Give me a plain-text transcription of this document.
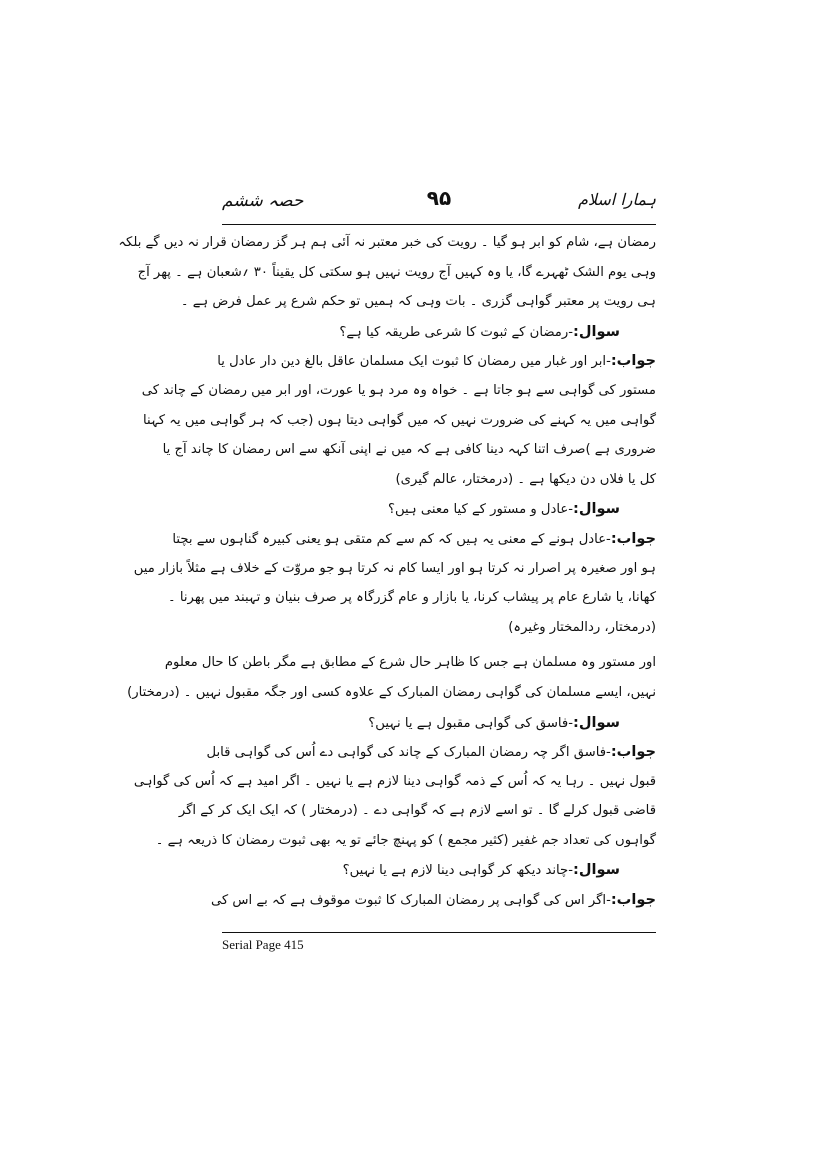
ہمارا اسلام
۹۵
حصہ ششم
رمضان ہے، شام کو ابر ہو گیا ۔ رویت کی خبر معتبر نہ آئی ہم ہر گز رمضان قرار نہ دیں گے بلکہ
وہی یوم الشک ٹھہرے گا، یا وہ کہیں آج رویت نہیں ہو سکتی کل یقیناً ۳۰ ؍شعبان ہے ۔ پھر آج
ہی رویت پر معتبر گواہی گزری ۔ بات وہی کہ ہمیں تو حکم شرع پر عمل فرض ہے ۔
سوال:-رمضان کے ثبوت کا شرعی طریقہ کیا ہے؟
جواب:-ابر اور غبار میں رمضان کا ثبوت ایک مسلمان عاقل بالغ دین دار عادل یا
مستور کی گواہی سے ہو جاتا ہے ۔ خواہ وہ مرد ہو یا عورت، اور ابر میں رمضان کے چاند کی
گواہی میں یہ کہنے کی ضرورت نہیں کہ میں گواہی دیتا ہوں (جب کہ ہر گواہی میں یہ کہنا
ضروری ہے )صرف اتنا کہہ دینا کافی ہے کہ میں نے اپنی آنکھ سے اس رمضان کا چاند آج یا
کل یا فلاں دن دیکھا ہے ۔ (درمختار، عالم گیری)
سوال:-عادل و مستور کے کیا معنی ہیں؟
جواب:-عادل ہونے کے معنی یہ ہیں کہ کم سے کم متقی ہو یعنی کبیرہ گناہوں سے بچتا
ہو اور صغیرہ پر اصرار نہ کرتا ہو اور ایسا کام نہ کرتا ہو جو مروّت کے خلاف ہے مثلاً بازار میں
کھانا، یا شارع عام پر پیشاب کرنا، یا بازار و عام گزرگاہ پر صرف بنیان و تہبند میں پھرنا ۔
(درمختار، ردالمختار وغیرہ)
اور مستور وہ مسلمان ہے جس کا ظاہر حال شرع کے مطابق ہے مگر باطن کا حال معلوم
نہیں، ایسے مسلمان کی گواہی رمضان المبارک کے علاوہ کسی اور جگہ مقبول نہیں ۔ (درمختار)
سوال:-فاسق کی گواہی مقبول ہے یا نہیں؟
جواب:-فاسق اگر چہ رمضان المبارک کے چاند کی گواہی دے اُس کی گواہی قابل
قبول نہیں ۔ رہا یہ کہ اُس کے ذمہ گواہی دینا لازم ہے یا نہیں ۔ اگر امید ہے کہ اُس کی گواہی
قاضی قبول کرلے گا ۔ تو اسے لازم ہے کہ گواہی دے ۔ (درمختار ) کہ ایک ایک کر کے اگر
گواہوں کی تعداد جم غفیر (کثیر مجمع ) کو پہنچ جائے تو یہ بھی ثبوت رمضان کا ذریعہ ہے ۔
سوال:-چاند دیکھ کر گواہی دینا لازم ہے یا نہیں؟
جواب:-اگر اس کی گواہی پر رمضان المبارک کا ثبوت موقوف ہے کہ بے اس کی
Serial Page 415
